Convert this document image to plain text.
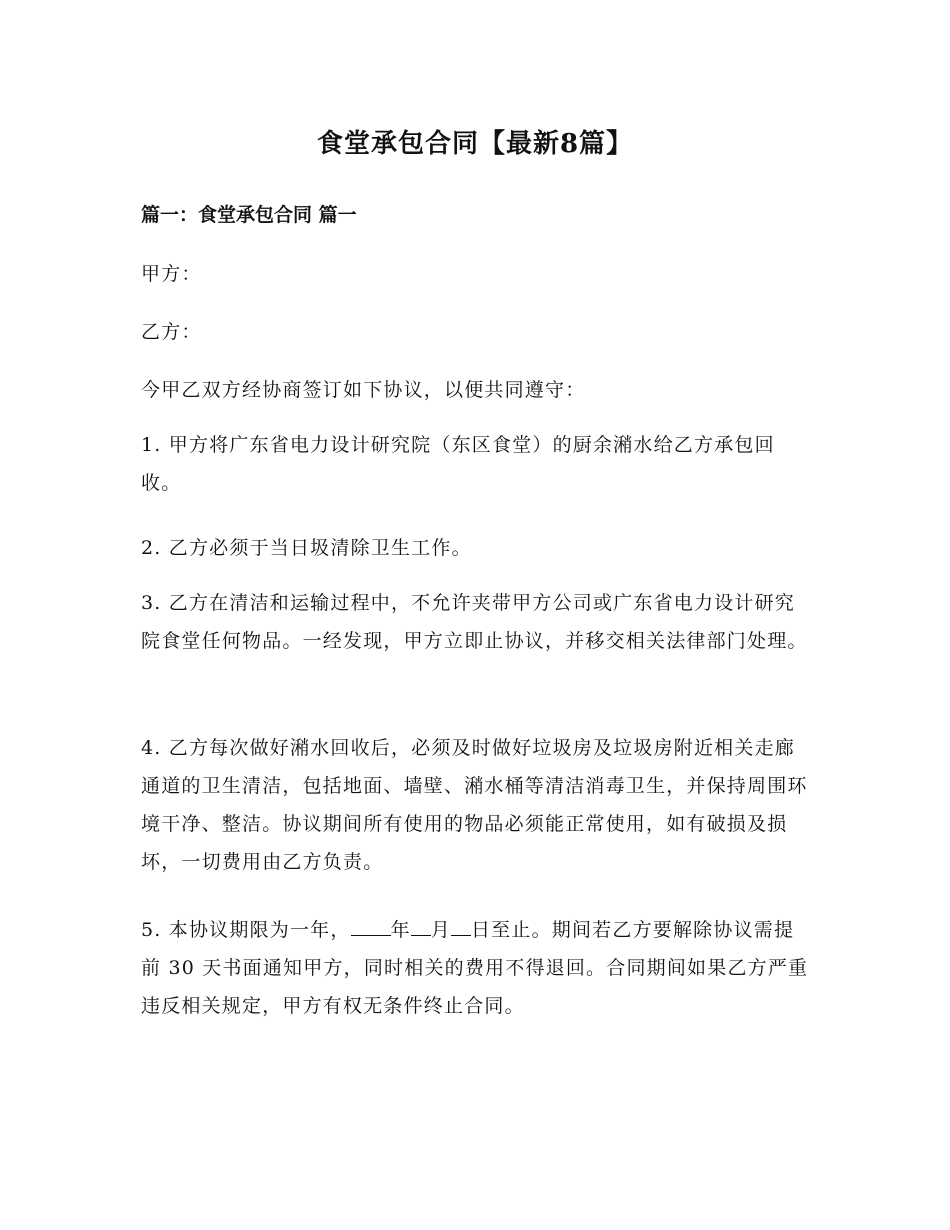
食堂承包合同【最新8篇】
篇一：食堂承包合同 篇一

甲方：

乙方：

今甲乙双方经协商签订如下协议，以便共同遵守：

1. 甲方将广东省电力设计研究院（东区食堂）的厨余潲水给乙方承包回收。

2. 乙方必须于当日圾清除卫生工作。

3. 乙方在清洁和运输过程中，不允许夹带甲方公司或广东省电力设计研究院食堂任何物品。一经发现，甲方立即止协议，并移交相关法律部门处理。

4. 乙方每次做好潲水回收后，必须及时做好垃圾房及垃圾房附近相关走廊通道的卫生清洁，包括地面、墙壁、潲水桶等清洁消毒卫生，并保持周围环境干净、整洁。协议期间所有使用的物品必须能正常使用，如有破损及损坏，一切费用由乙方负责。

5. 本协议期限为一年， 年 月 日至止。期间若乙方要解除协议需提前 30 天书面通知甲方，同时相关的费用不得退回。合同期间如果乙方严重违反相关规定，甲方有权无条件终止合同。
